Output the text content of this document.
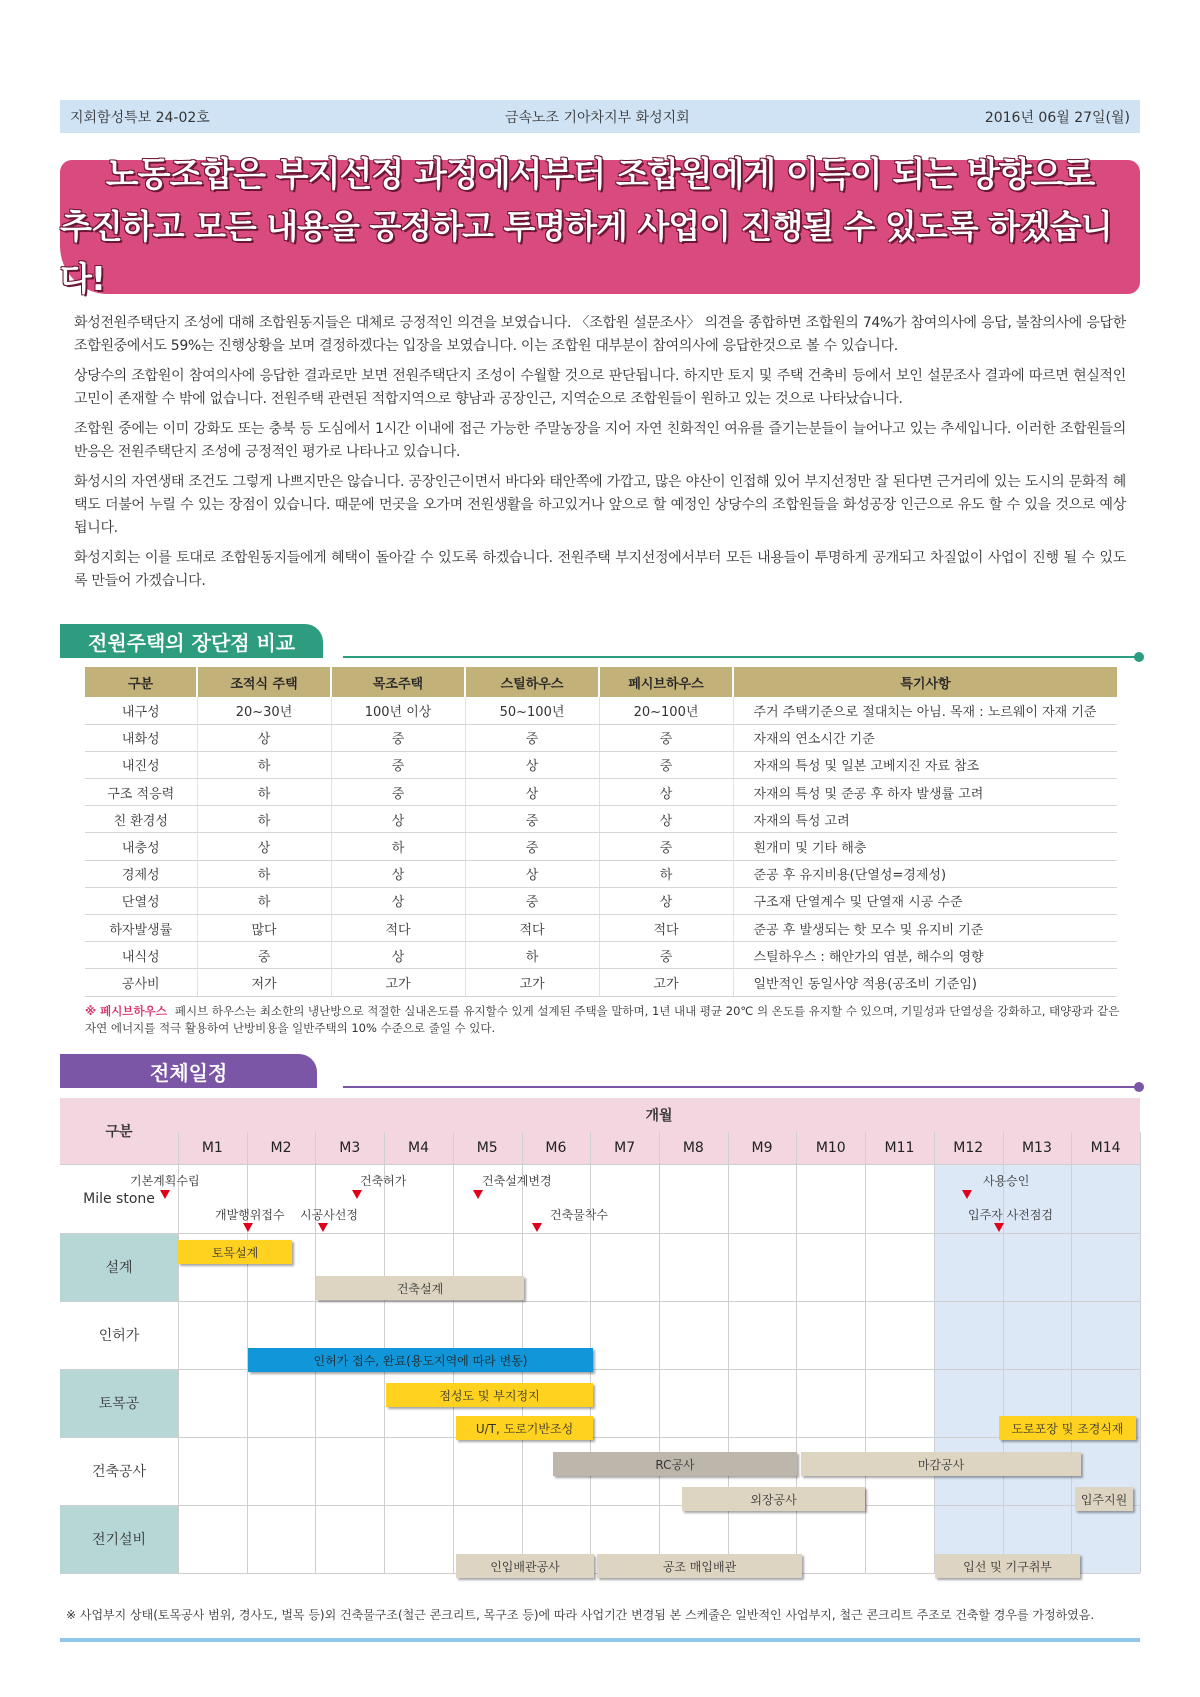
지회함성특보 24-02호	금속노조 기아차지부 화성지회	2016년 06월 27일(월)
노동조합은 부지선정 과정에서부터 조합원에게 이득이 되는 방향으로
추진하고 모든 내용을 공정하고 투명하게 사업이 진행될 수 있도록 하겠습니다!

화성전원주택단지 조성에 대해 조합원동지들은 대체로 긍정적인 의견을 보였습니다. 〈조합원 설문조사〉 의견을 종합하면 조합원의 74%가 참여의사에 응답, 불참의사에 응답한 조합원중에서도 59%는 진행상황을 보며 결정하겠다는 입장을 보였습니다. 이는 조합원 대부분이 참여의사에 응답한것으로 볼 수 있습니다.

상당수의 조합원이 참여의사에 응답한 결과로만 보면 전원주택단지 조성이 수월할 것으로 판단됩니다. 하지만 토지 및 주택 건축비 등에서 보인 설문조사 결과에 따르면 현실적인 고민이 존재할 수 밖에 없습니다. 전원주택 관련된 적합지역으로 향남과 공장인근, 지역순으로 조합원들이 원하고 있는 것으로 나타났습니다.

조합원 중에는 이미 강화도 또는 충북 등 도심에서 1시간 이내에 접근 가능한 주말농장을 지어 자연 친화적인 여유를 즐기는분들이 늘어나고 있는 추세입니다. 이러한 조합원들의 반응은 전원주택단지 조성에 긍정적인 평가로 나타나고 있습니다.

화성시의 자연생태 조건도 그렇게 나쁘지만은 않습니다. 공장인근이면서 바다와 태안쪽에 가깝고, 많은 야산이 인접해 있어 부지선정만 잘 된다면 근거리에 있는 도시의 문화적 혜택도 더불어 누릴 수 있는 장점이 있습니다. 때문에 먼곳을 오가며 전원생활을 하고있거나 앞으로 할 예정인 상당수의 조합원들을 화성공장 인근으로 유도 할 수 있을 것으로 예상됩니다.

화성지회는 이를 토대로 조합원동지들에게 혜택이 돌아갈 수 있도록 하겠습니다. 전원주택 부지선정에서부터 모든 내용들이 투명하게 공개되고 차질없이 사업이 진행 될 수 있도록 만들어 가겠습니다.

전원주택의 장단점 비교
구분	조적식 주택	목조주택	스틸하우스	페시브하우스	특기사항
내구성	20~30년	100년 이상	50~100년	20~100년	주거 주택기준으로 절대치는 아님. 목재 : 노르웨이 자재 기준
내화성	상	중	중	중	자재의 연소시간 기준
내진성	하	중	상	중	자재의 특성 및 일본 고베지진 자료 참조
구조 적응력	하	중	상	상	자재의 특성 및 준공 후 하자 발생률 고려
친 환경성	하	상	중	상	자재의 특성 고려
내충성	상	하	중	중	흰개미 및 기타 해충
경제성	하	상	상	하	준공 후 유지비용(단열성=경제성)
단열성	하	상	중	상	구조재 단열계수 및 단열재 시공 수준
하자발생률	많다	적다	적다	적다	준공 후 발생되는 핫 모수 및 유지비 기준
내식성	중	상	하	중	스틸하우스 : 해안가의 염분, 해수의 영향
공사비	저가	고가	고가	고가	일반적인 동일사양 적용(공조비 기준임)
※ 페시브하우스 페시브 하우스는 최소한의 냉난방으로 적절한 실내온도를 유지할수 있게 설계된 주택을 말하며, 1년 내내 평균 20℃ 의 온도를 유지할 수 있으며, 기밀성과 단열성을 강화하고, 태양광과 같은 자연 에너지를 적극 활용하여 난방비용을 일반주택의 10% 수준으로 줄일 수 있다.
전체일정
구분
개월
M1	M2	M3	M4	M5	M6	M7	M8	M9	M10	M11	M12	M13	M14
Mile stone
설계
인허가
토목공
건축공사
전기설비
기본계획수립
개발행위접수
건축허가
시공사선정
건축설계변경
건축물착수
사용승인
입주자 사전점검
토목설계
건축설계
인허가 접수, 완료(용도지역에 따라 변동)
점성도 및 부지정지
U/T, 도로기반조성	도로포장 및 조경식재
RC공사	마감공사
외장공사	입주지원
인입배관공사	공조 매입배관	입선 및 기구취부
※ 사업부지 상태(토목공사 범위, 경사도, 벌목 등)외 건축물구조(철근 콘크리트, 목구조 등)에 따라 사업기간 변경됨 본 스케줄은 일반적인 사업부지, 철근 콘크리트 주조로 건축할 경우를 가정하였음.
